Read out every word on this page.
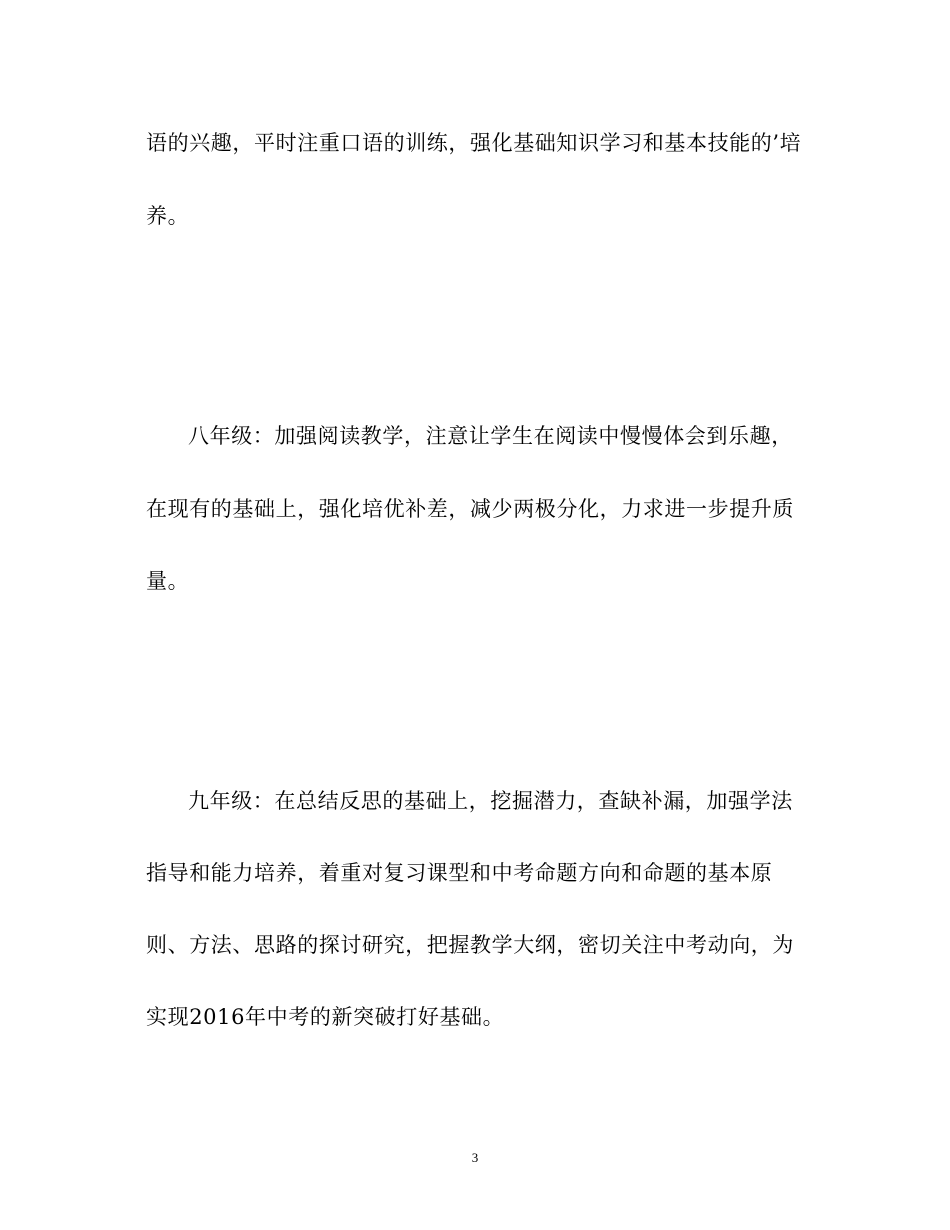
语的兴趣，平时注重口语的训练，强化基础知识学习和基本技能的’培
养。
八年级：加强阅读教学，注意让学生在阅读中慢慢体会到乐趣，
在现有的基础上，强化培优补差，减少两极分化，力求进一步提升质
量。
九年级：在总结反思的基础上，挖掘潜力，查缺补漏，加强学法
指导和能力培养，着重对复习课型和中考命题方向和命题的基本原
则、方法、思路的探讨研究，把握教学大纲，密切关注中考动向，为
实现2016年中考的新突破打好基础。
3
